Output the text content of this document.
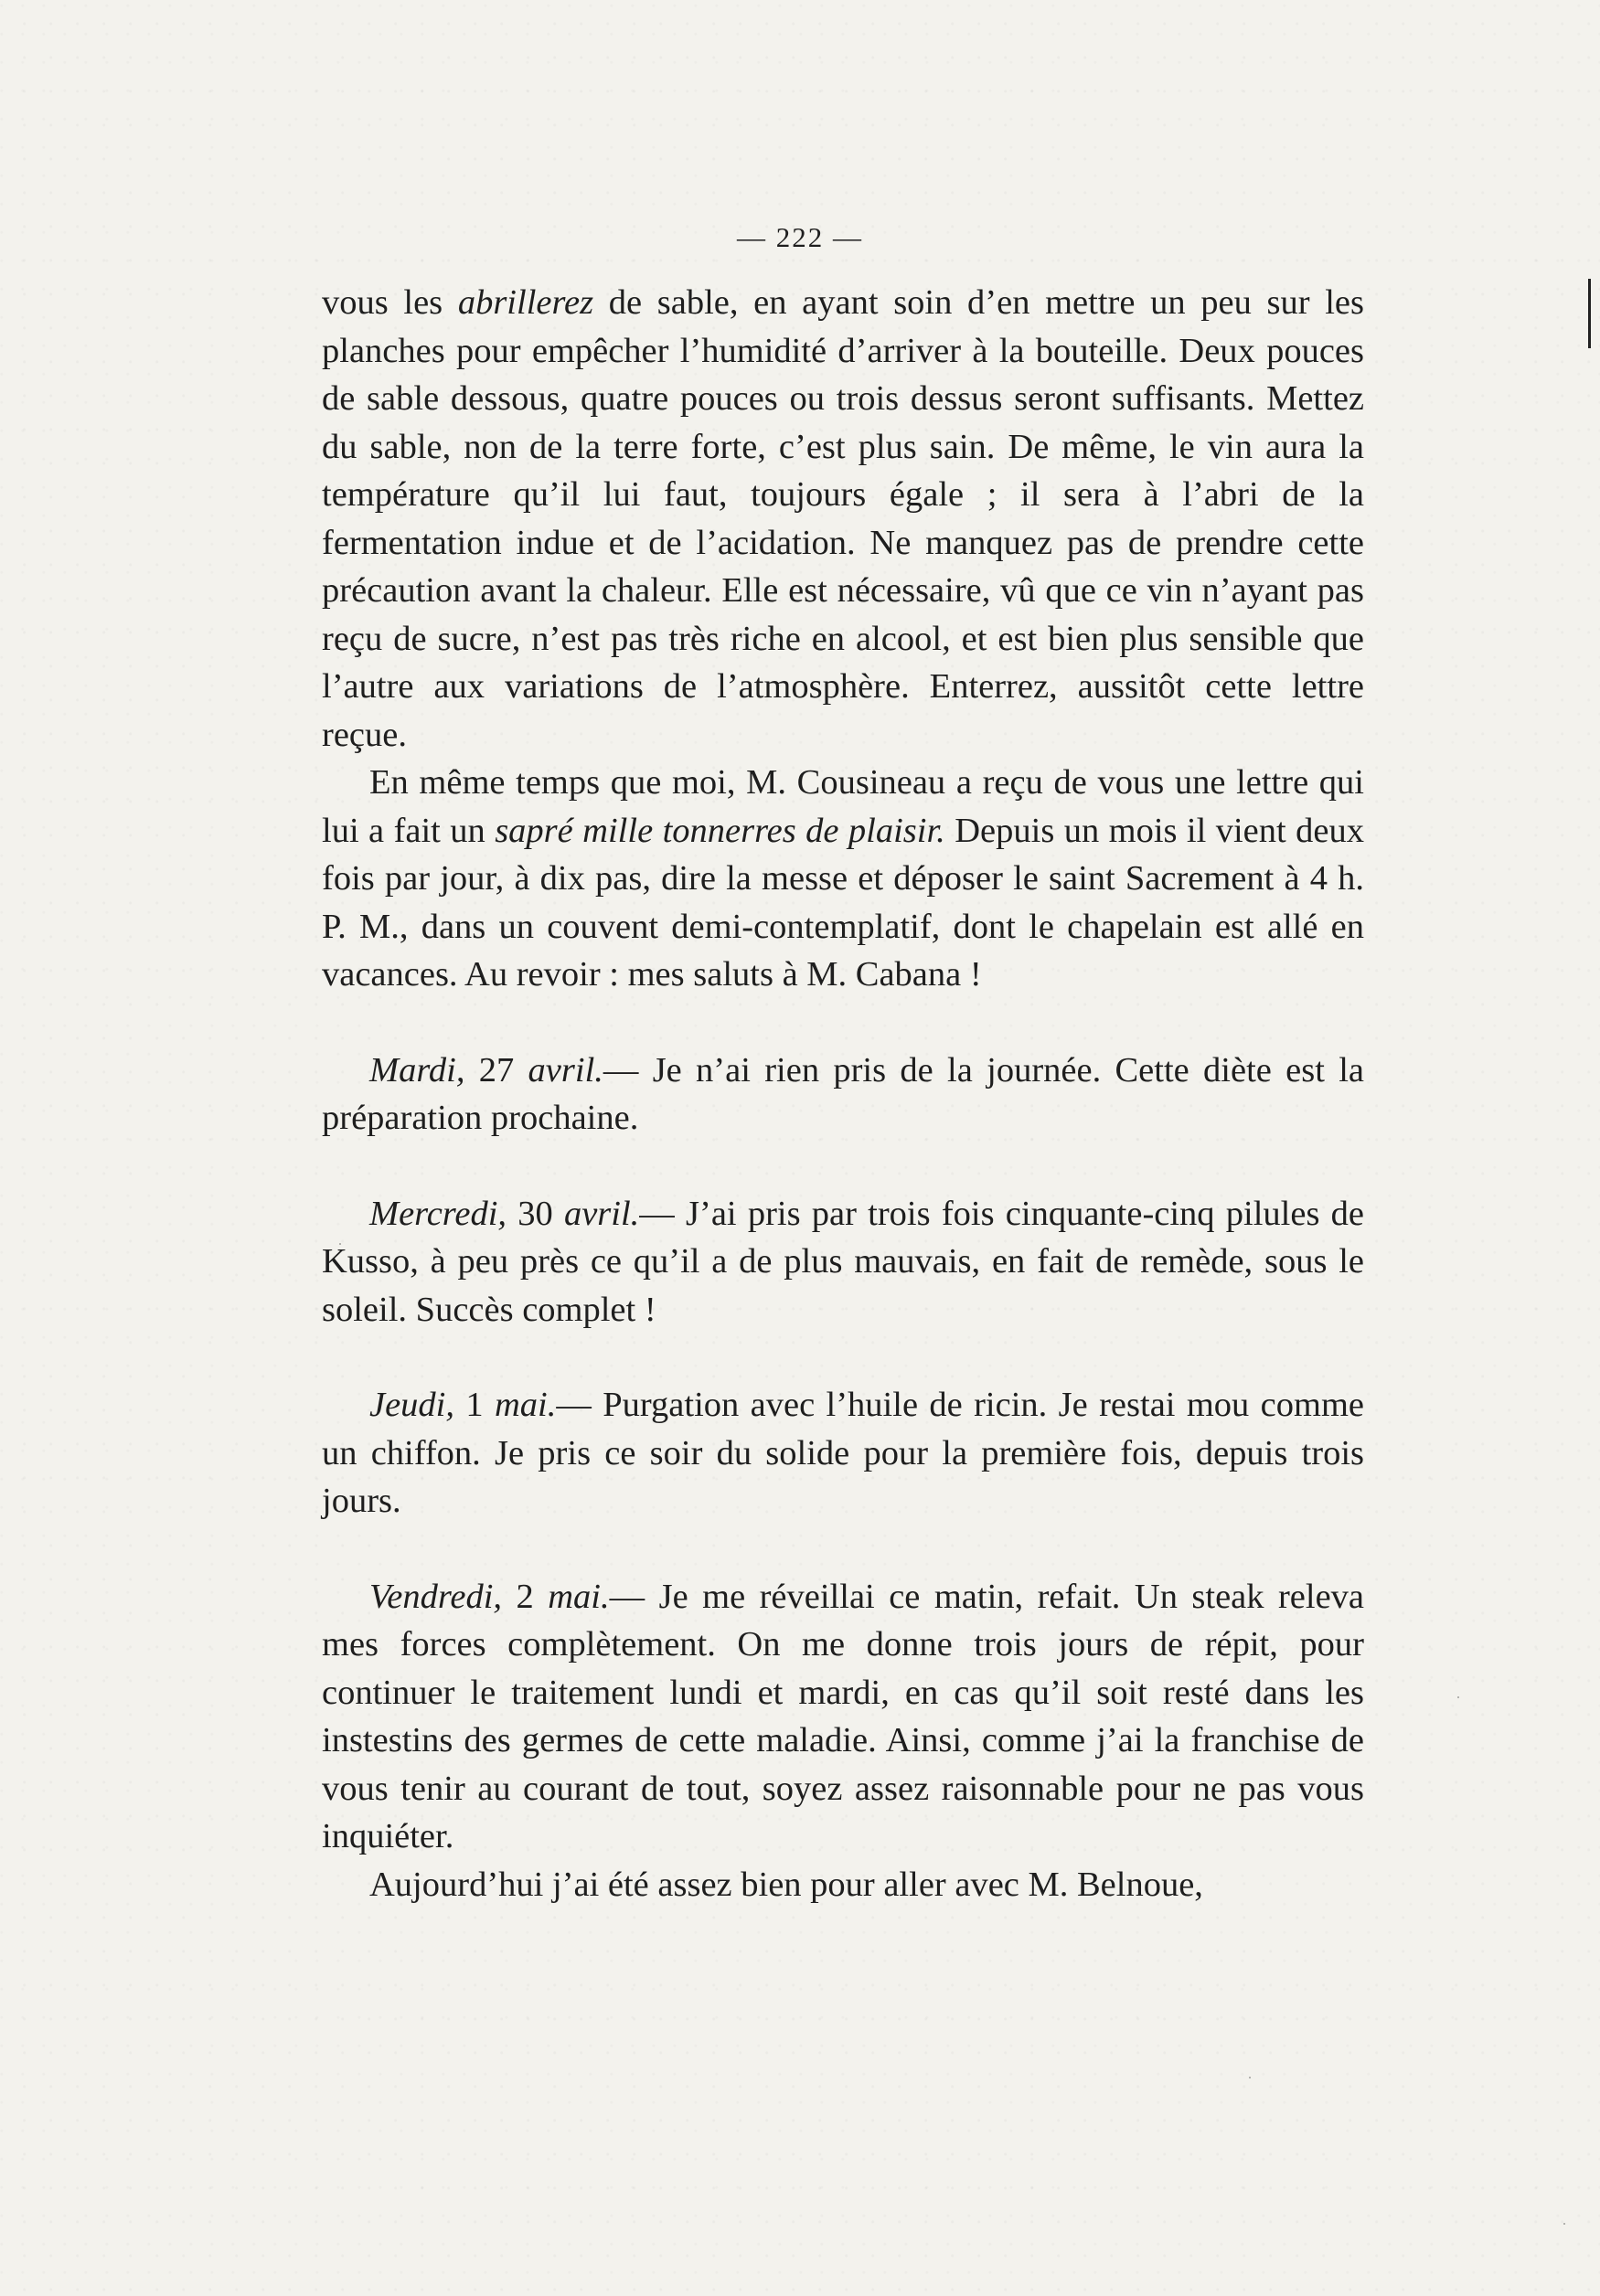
— 222 —

vous les abrillerez de sable, en ayant soin d’en mettre un peu sur les planches pour empêcher l’humidité d’arriver à la bouteille. Deux pouces de sable dessous, quatre pouces ou trois dessus seront suffisants. Mettez du sable, non de la terre forte, c’est plus sain. De même, le vin aura la température qu’il lui faut, toujours égale ; il sera à l’abri de la fermentation indue et de l’acidation. Ne manquez pas de prendre cette précaution avant la chaleur. Elle est nécessaire, vû que ce vin n’ayant pas reçu de sucre, n’est pas très riche en alcool, et est bien plus sensible que l’autre aux variations de l’atmosphère. Enterrez, aussitôt cette lettre reçue.

En même temps que moi, M. Cousineau a reçu de vous une lettre qui lui a fait un sapré mille tonnerres de plaisir. Depuis un mois il vient deux fois par jour, à dix pas, dire la messe et déposer le saint Sacrement à 4 h. P. M., dans un couvent demi-contemplatif, dont le chapelain est allé en vacances. Au revoir : mes saluts à M. Cabana !

Mardi, 27 avril.— Je n’ai rien pris de la journée. Cette diète est la préparation prochaine.

Mercredi, 30 avril.— J’ai pris par trois fois cinquante-cinq pilules de Kusso, à peu près ce qu’il a de plus mauvais, en fait de remède, sous le soleil. Succès complet !

Jeudi, 1 mai.— Purgation avec l’huile de ricin. Je restai mou comme un chiffon. Je pris ce soir du solide pour la première fois, depuis trois jours.

Vendredi, 2 mai.— Je me réveillai ce matin, refait. Un steak releva mes forces complètement. On me donne trois jours de répit, pour continuer le traitement lundi et mardi, en cas qu’il soit resté dans les instestins des germes de cette maladie. Ainsi, comme j’ai la franchise de vous tenir au courant de tout, soyez assez raisonnable pour ne pas vous inquiéter.

Aujourd’hui j’ai été assez bien pour aller avec M. Belnoue,
